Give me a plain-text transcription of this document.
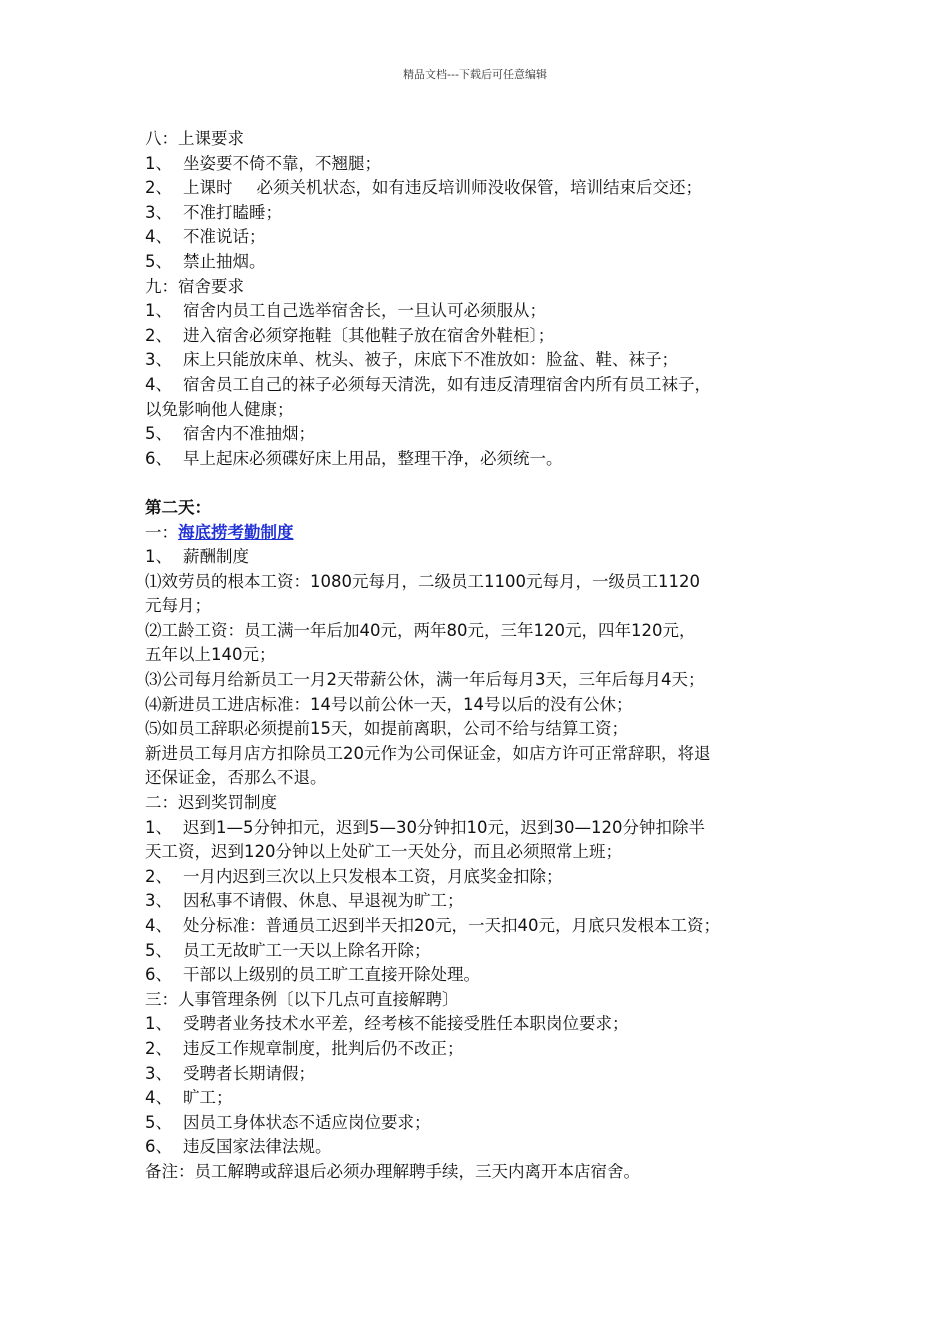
精品文档---下载后可任意编辑
八：上课要求
1、 坐姿要不倚不靠，不翘腿；
2、 上课时 必须关机状态，如有违反培训师没收保管，培训结束后交还；
3、 不准打瞌睡；
4、 不准说话；
5、 禁止抽烟。
九：宿舍要求
1、 宿舍内员工自己选举宿舍长，一旦认可必须服从；
2、 进入宿舍必须穿拖鞋〔其他鞋子放在宿舍外鞋柜〕；
3、 床上只能放床单、枕头、被子，床底下不准放如：脸盆、鞋、袜子；
4、 宿舍员工自己的袜子必须每天清洗，如有违反清理宿舍内所有员工袜子，
以免影响他人健康；
5、 宿舍内不准抽烟；
6、 早上起床必须碟好床上用品，整理干净，必须统一。
第二天：
一：海底捞考勤制度
1、 薪酬制度
⑴效劳员的根本工资：1080元每月，二级员工1100元每月，一级员工1120
元每月；
⑵工龄工资：员工满一年后加40元，两年80元，三年120元，四年120元，
五年以上140元；
⑶公司每月给新员工一月2天带薪公休，满一年后每月3天，三年后每月4天；
⑷新进员工进店标准：14号以前公休一天，14号以后的没有公休；
⑸如员工辞职必须提前15天，如提前离职，公司不给与结算工资；
新进员工每月店方扣除员工20元作为公司保证金，如店方许可正常辞职，将退
还保证金，否那么不退。
二：迟到奖罚制度
1、 迟到1—5分钟扣元，迟到5—30分钟扣10元，迟到30—120分钟扣除半
天工资，迟到120分钟以上处矿工一天处分，而且必须照常上班；
2、 一月内迟到三次以上只发根本工资，月底奖金扣除；
3、 因私事不请假、休息、早退视为旷工；
4、 处分标准：普通员工迟到半天扣20元，一天扣40元，月底只发根本工资；
5、 员工无故旷工一天以上除名开除；
6、 干部以上级别的员工旷工直接开除处理。
三：人事管理条例〔以下几点可直接解聘〕
1、 受聘者业务技术水平差，经考核不能接受胜任本职岗位要求；
2、 违反工作规章制度，批判后仍不改正；
3、 受聘者长期请假；
4、 旷工；
5、 因员工身体状态不适应岗位要求；
6、 违反国家法律法规。
备注：员工解聘或辞退后必须办理解聘手续，三天内离开本店宿舍。
